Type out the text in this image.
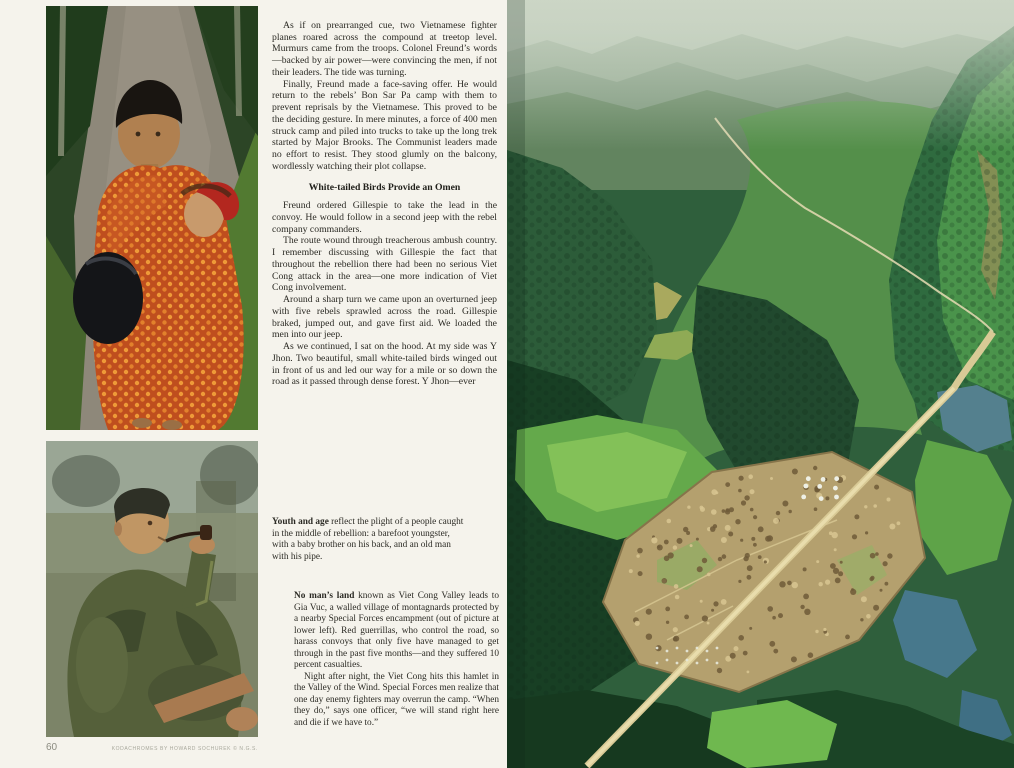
60	KODACHROMES BY HOWARD SOCHUREK © N.G.S.

As if on prearranged cue, two Vietnamese fighter planes roared across the compound at treetop level. Murmurs came from the troops. Colonel Freund’s words—backed by air power—were convincing the men, if not their leaders. The tide was turning.

Finally, Freund made a face-saving offer. He would return to the rebels’ Bon Sar Pa camp with them to prevent reprisals by the Vietnamese. This proved to be the deciding gesture. In mere minutes, a force of 400 men struck camp and piled into trucks to take up the long trek started by Major Brooks. The Communist leaders made no effort to resist. They stood glumly on the balcony, wordlessly watching their plot collapse.

White-tailed Birds Provide an Omen

Freund ordered Gillespie to take the lead in the convoy. He would follow in a second jeep with the rebel company commanders.

The route wound through treacherous ambush country. I remember discussing with Gillespie the fact that throughout the rebellion there had been no serious Viet Cong attack in the area—one more indication of Viet Cong involvement.

Around a sharp turn we came upon an overturned jeep with five rebels sprawled across the road. Gillespie braked, jumped out, and gave first aid. We loaded the men into our jeep.

As we continued, I sat on the hood. At my side was Y Jhon. Two beautiful, small white-tailed birds winged out in front of us and led our way for a mile or so down the road as it passed through dense forest. Y Jhon—ever

Youth and age reflect the plight of a people caught in the middle of rebellion: a barefoot youngster, with a baby brother on his back, and an old man with his pipe.

No man’s land known as Viet Cong Valley leads to Gia Vuc, a walled village of montagnards protected by a nearby Special Forces encampment (out of picture at lower left). Red guerrillas, who control the road, so harass convoys that only five have managed to get through in the past five months—and they suffered 10 percent casualties.

Night after night, the Viet Cong hits this hamlet in the Valley of the Wind. Special Forces men realize that one day enemy fighters may overrun the camp. “When they do,” says one officer, “we will stand right here and die if we have to.”
